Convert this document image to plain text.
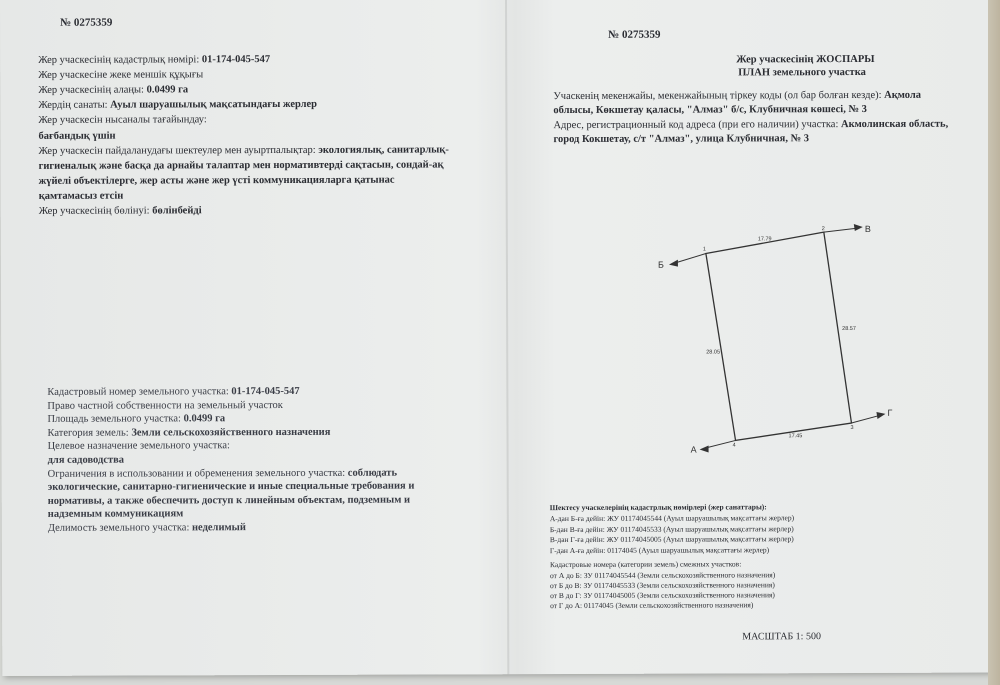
№ 0275359
Жер учаскесінің кадастрлық нөмірі: 01-174-045-547
Жер учаскесіне жеке меншік құқығы
Жер учаскесінің алаңы: 0.0499 га
Жердің санаты: Ауыл шаруашылық мақсатындағы жерлер
Жер учаскесін нысаналы тағайындау:
бағбандық үшін
Жер учаскесін пайдаланудағы шектеулер мен ауыртпалықтар: экологиялық, санитарлық-
гигиеналық және басқа да арнайы талаптар мен нормативтерді сақтасын, сондай-ақ
жүйелі объектілерге, жер асты және жер үсті коммуникацияларга қатынас
қамтамасыз етсін
Жер учаскесінің бөлінуі: бөлінбейді
Кадастровый номер земельного участка: 01-174-045-547
Право частной собственности на земельный участок
Площадь земельного участка: 0.0499 га
Категория земель: Земли сельскохозяйственного назначения
Целевое назначение земельного участка:
для садоводства
Ограничения в использовании и обременения земельного участка: соблюдать
экологические, санитарно-гигиенические и иные специальные требования и
нормативы, а также обеспечить доступ к линейным объектам, подземным и
надземным коммуникациям
Делимость земельного участка: неделимый
№ 0275359
Жер учаскесінің ЖОСПАРЫ
ПЛАН земельного участка
Учаскенің мекенжайы, мекенжайының тіркеу коды (ол бар болған кезде): Ақмола
облысы, Көкшетау қаласы, "Алмаз" б/с, Клубничная көшесі, № 3
Адрес, регистрационный код адреса (при его наличии) участка: Акмолинская область,
город Кокшетау, с/т "Алмаз", улица Клубничная, № 3
Б
В
Г
А
1
2
3
4
17.79
28.57
17.45
28.05
Шектесу учаскелерінің кадастрлық нөмірлері (жер санаттары):
А-дан Б-ға дейін: ЖУ 01174045544 (Ауыл шаруашылық мақсаттағы жерлер)
Б-дан В-ға дейін: ЖУ 01174045533 (Ауыл шаруашылық мақсаттағы жерлер)
В-дан Г-ға дейін: ЖУ 01174045005 (Ауыл шаруашылық мақсаттағы жерлер)
Г-дан А-ға дейін: 01174045 (Ауыл шаруашылық мақсаттағы жерлер)
Кадастровые номера (категории земель) смежных участков:
от А до Б: ЗУ 01174045544 (Земли сельскохозяйственного назначения)
от Б до В: ЗУ 01174045533 (Земли сельскохозяйственного назначения)
от В до Г: ЗУ 01174045005 (Земли сельскохозяйственного назначения)
от Г до А: 01174045 (Земли сельскохозяйственного назначения)
МАСШТАБ 1: 500
